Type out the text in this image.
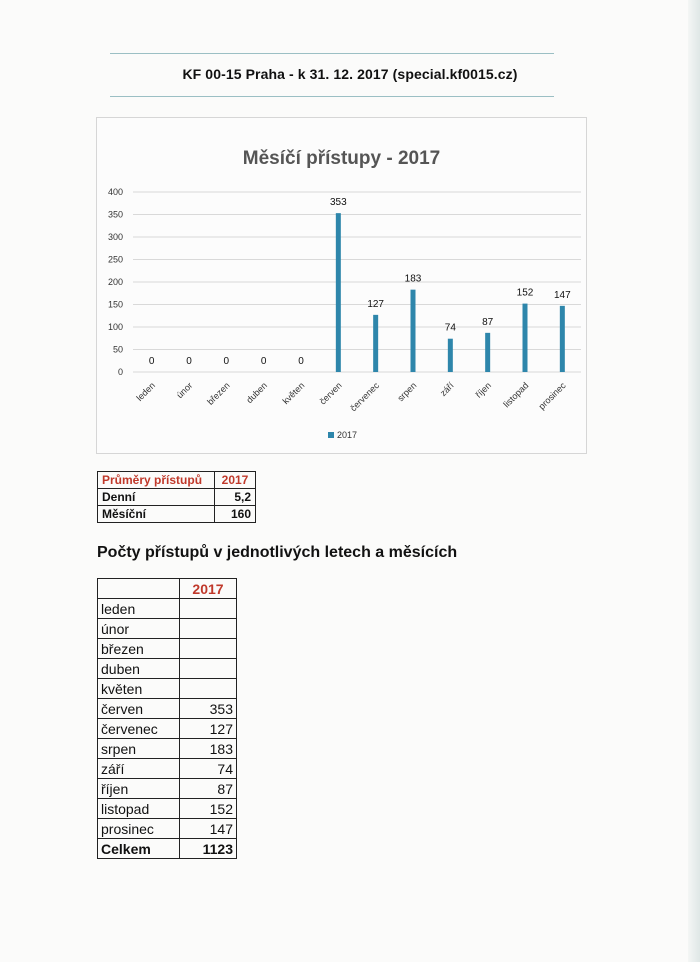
KF 00-15 Praha - k 31. 12. 2017 (special.kf0015.cz)
Měsíčí přístupy - 2017
0
50
100
150
200
250
300
350
400
0
leden
0
únor
0
březen
0
duben
0
květen
353
červen
127
červenec
183
srpen
74
září
87
říjen
152
listopad
147
prosinec
2017
Průměry přístupů	2017
Denní	5,2
Měsíční	160
Počty přístupů v jednotlivých letech a měsících
	2017
leden	
únor	
březen	
duben	
květen	
červen	353
červenec	127
srpen	183
září	74
říjen	87
listopad	152
prosinec	147
Celkem	1123
